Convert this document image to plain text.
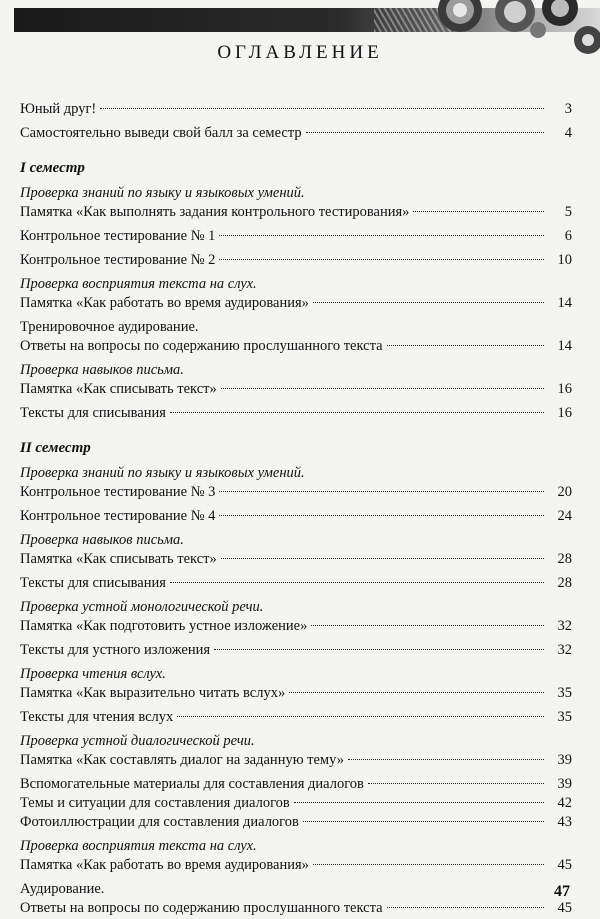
ОГЛАВЛЕНИЕ
Юный друг!	3
Самостоятельно выведи свой балл за семестр	4
I семестр
Проверка знаний по языку и языковых умений.
Памятка «Как выполнять задания контрольного тестирования»	5
Контрольное тестирование № 1	6
Контрольное тестирование № 2	10
Проверка восприятия текста на слух.
Памятка «Как работать во время аудирования»	14
Тренировочное аудирование.
Ответы на вопросы по содержанию прослушанного текста	14
Проверка навыков письма.
Памятка «Как списывать текст»	16
Тексты для списывания	16
II семестр
Проверка знаний по языку и языковых умений.
Контрольное тестирование № 3	20
Контрольное тестирование № 4	24
Проверка навыков письма.
Памятка «Как списывать текст»	28
Тексты для списывания	28
Проверка устной монологической речи.
Памятка «Как подготовить устное изложение»	32
Тексты для устного изложения	32
Проверка чтения вслух.
Памятка «Как выразительно читать вслух»	35
Тексты для чтения вслух	35
Проверка устной диалогической речи.
Памятка «Как составлять диалог на заданную тему»	39
Вспомогательные материалы для составления диалогов	39
Темы и ситуации для составления диалогов	42
Фотоиллюстрации для составления диалогов	43
Проверка восприятия текста на слух.
Памятка «Как работать во время аудирования»	45
Аудирование.
Ответы на вопросы по содержанию прослушанного текста	45
47
